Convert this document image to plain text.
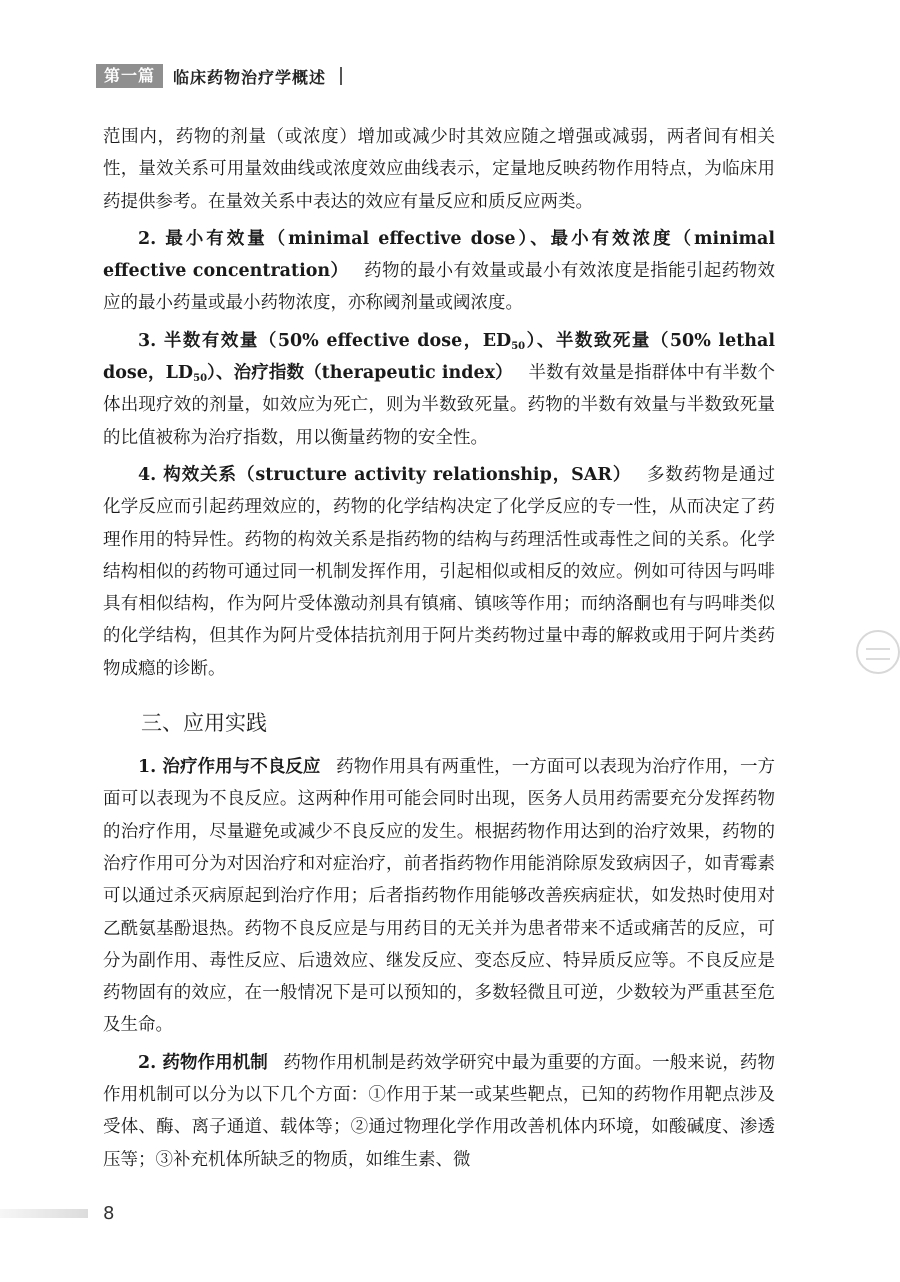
第一篇	临床药物治疗学概述

范围内，药物的剂量（或浓度）增加或减少时其效应随之增强或减弱，两者间有相关性，量效关系可用量效曲线或浓度效应曲线表示，定量地反映药物作用特点，为临床用药提供参考。在量效关系中表达的效应有量反应和质反应两类。

2. 最小有效量（minimal effective dose）、最小有效浓度（minimal effective concentration） 药物的最小有效量或最小有效浓度是指能引起药物效应的最小药量或最小药物浓度，亦称阈剂量或阈浓度。

3. 半数有效量（50% effective dose，$ED_{50}$）、半数致死量（50% lethal dose，$LD_{50}$）、治疗指数（therapeutic index） 半数有效量是指群体中有半数个体出现疗效的剂量，如效应为死亡，则为半数致死量。药物的半数有效量与半数致死量的比值被称为治疗指数，用以衡量药物的安全性。

4. 构效关系（structure activity relationship，SAR） 多数药物是通过化学反应而引起药理效应的，药物的化学结构决定了化学反应的专一性，从而决定了药理作用的特异性。药物的构效关系是指药物的结构与药理活性或毒性之间的关系。化学结构相似的药物可通过同一机制发挥作用，引起相似或相反的效应。例如可待因与吗啡具有相似结构，作为阿片受体激动剂具有镇痛、镇咳等作用；而纳洛酮也有与吗啡类似的化学结构，但其作为阿片受体拮抗剂用于阿片类药物过量中毒的解救或用于阿片类药物成瘾的诊断。

三、应用实践

1. 治疗作用与不良反应 药物作用具有两重性，一方面可以表现为治疗作用，一方面可以表现为不良反应。这两种作用可能会同时出现，医务人员用药需要充分发挥药物的治疗作用，尽量避免或减少不良反应的发生。根据药物作用达到的治疗效果，药物的治疗作用可分为对因治疗和对症治疗，前者指药物作用能消除原发致病因子，如青霉素可以通过杀灭病原起到治疗作用；后者指药物作用能够改善疾病症状，如发热时使用对乙酰氨基酚退热。药物不良反应是与用药目的无关并为患者带来不适或痛苦的反应，可分为副作用、毒性反应、后遗效应、继发反应、变态反应、特异质反应等。不良反应是药物固有的效应，在一般情况下是可以预知的，多数轻微且可逆，少数较为严重甚至危及生命。

2. 药物作用机制 药物作用机制是药效学研究中最为重要的方面。一般来说，药物作用机制可以分为以下几个方面：①作用于某一或某些靶点，已知的药物作用靶点涉及受体、酶、离子通道、载体等；②通过物理化学作用改善机体内环境，如酸碱度、渗透压等；③补充机体所缺乏的物质，如维生素、微

8
